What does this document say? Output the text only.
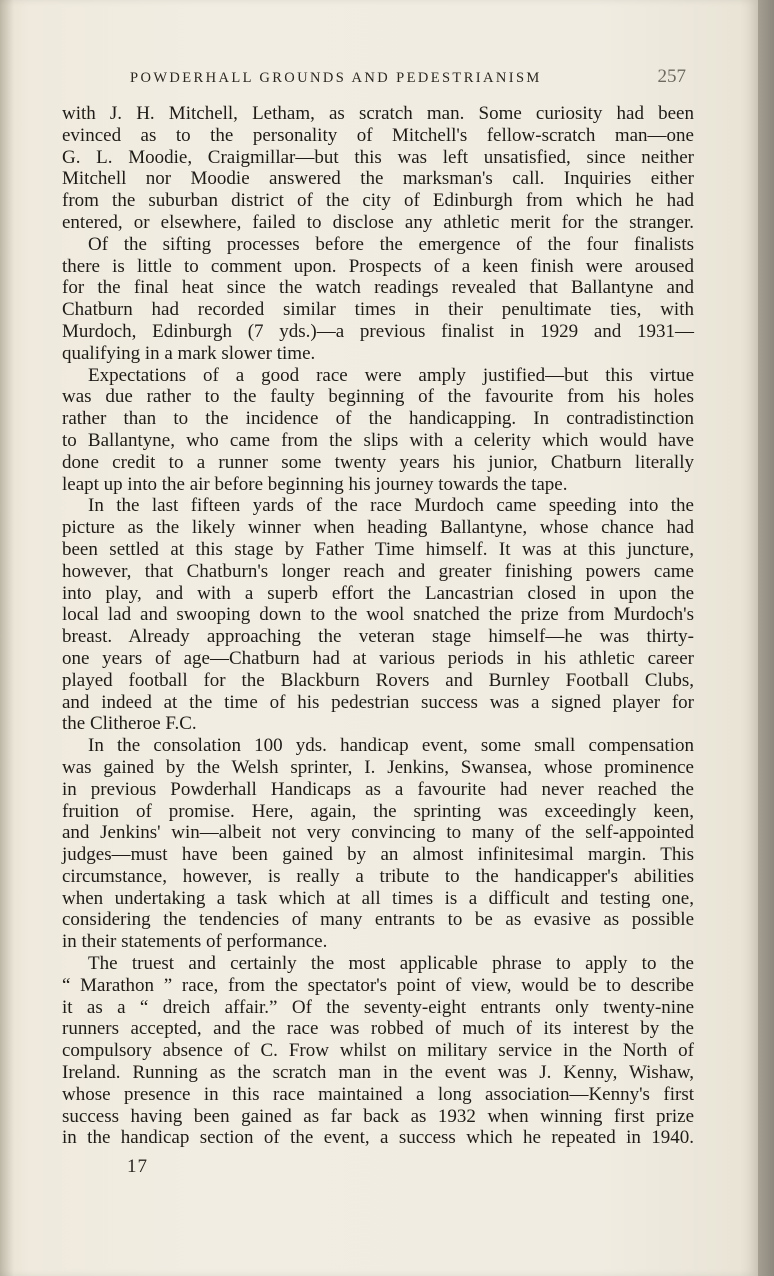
POWDERHALL GROUNDS AND PEDESTRIANISM	257
with J. H. Mitchell, Letham, as scratch man. Some curiosity had been
evinced as to the personality of Mitchell's fellow-scratch man—one
G. L. Moodie, Craigmillar—but this was left unsatisfied, since neither
Mitchell nor Moodie answered the marksman's call. Inquiries either
from the suburban district of the city of Edinburgh from which he had
entered, or elsewhere, failed to disclose any athletic merit for the stranger.
Of the sifting processes before the emergence of the four finalists
there is little to comment upon. Prospects of a keen finish were aroused
for the final heat since the watch readings revealed that Ballantyne and
Chatburn had recorded similar times in their penultimate ties, with
Murdoch, Edinburgh (7 yds.)—a previous finalist in 1929 and 1931—
qualifying in a mark slower time.
Expectations of a good race were amply justified—but this virtue
was due rather to the faulty beginning of the favourite from his holes
rather than to the incidence of the handicapping. In contradistinction
to Ballantyne, who came from the slips with a celerity which would have
done credit to a runner some twenty years his junior, Chatburn literally
leapt up into the air before beginning his journey towards the tape.
In the last fifteen yards of the race Murdoch came speeding into the
picture as the likely winner when heading Ballantyne, whose chance had
been settled at this stage by Father Time himself. It was at this juncture,
however, that Chatburn's longer reach and greater finishing powers came
into play, and with a superb effort the Lancastrian closed in upon the
local lad and swooping down to the wool snatched the prize from Murdoch's
breast. Already approaching the veteran stage himself—he was thirty-
one years of age—Chatburn had at various periods in his athletic career
played football for the Blackburn Rovers and Burnley Football Clubs,
and indeed at the time of his pedestrian success was a signed player for
the Clitheroe F.C.
In the consolation 100 yds. handicap event, some small compensation
was gained by the Welsh sprinter, I. Jenkins, Swansea, whose prominence
in previous Powderhall Handicaps as a favourite had never reached the
fruition of promise. Here, again, the sprinting was exceedingly keen,
and Jenkins' win—albeit not very convincing to many of the self-appointed
judges—must have been gained by an almost infinitesimal margin. This
circumstance, however, is really a tribute to the handicapper's abilities
when undertaking a task which at all times is a difficult and testing one,
considering the tendencies of many entrants to be as evasive as possible
in their statements of performance.
The truest and certainly the most applicable phrase to apply to the
“ Marathon ” race, from the spectator's point of view, would be to describe
it as a “ dreich affair.” Of the seventy-eight entrants only twenty-nine
runners accepted, and the race was robbed of much of its interest by the
compulsory absence of C. Frow whilst on military service in the North of
Ireland. Running as the scratch man in the event was J. Kenny, Wishaw,
whose presence in this race maintained a long association—Kenny's first
success having been gained as far back as 1932 when winning first prize
in the handicap section of the event, a success which he repeated in 1940.
17
